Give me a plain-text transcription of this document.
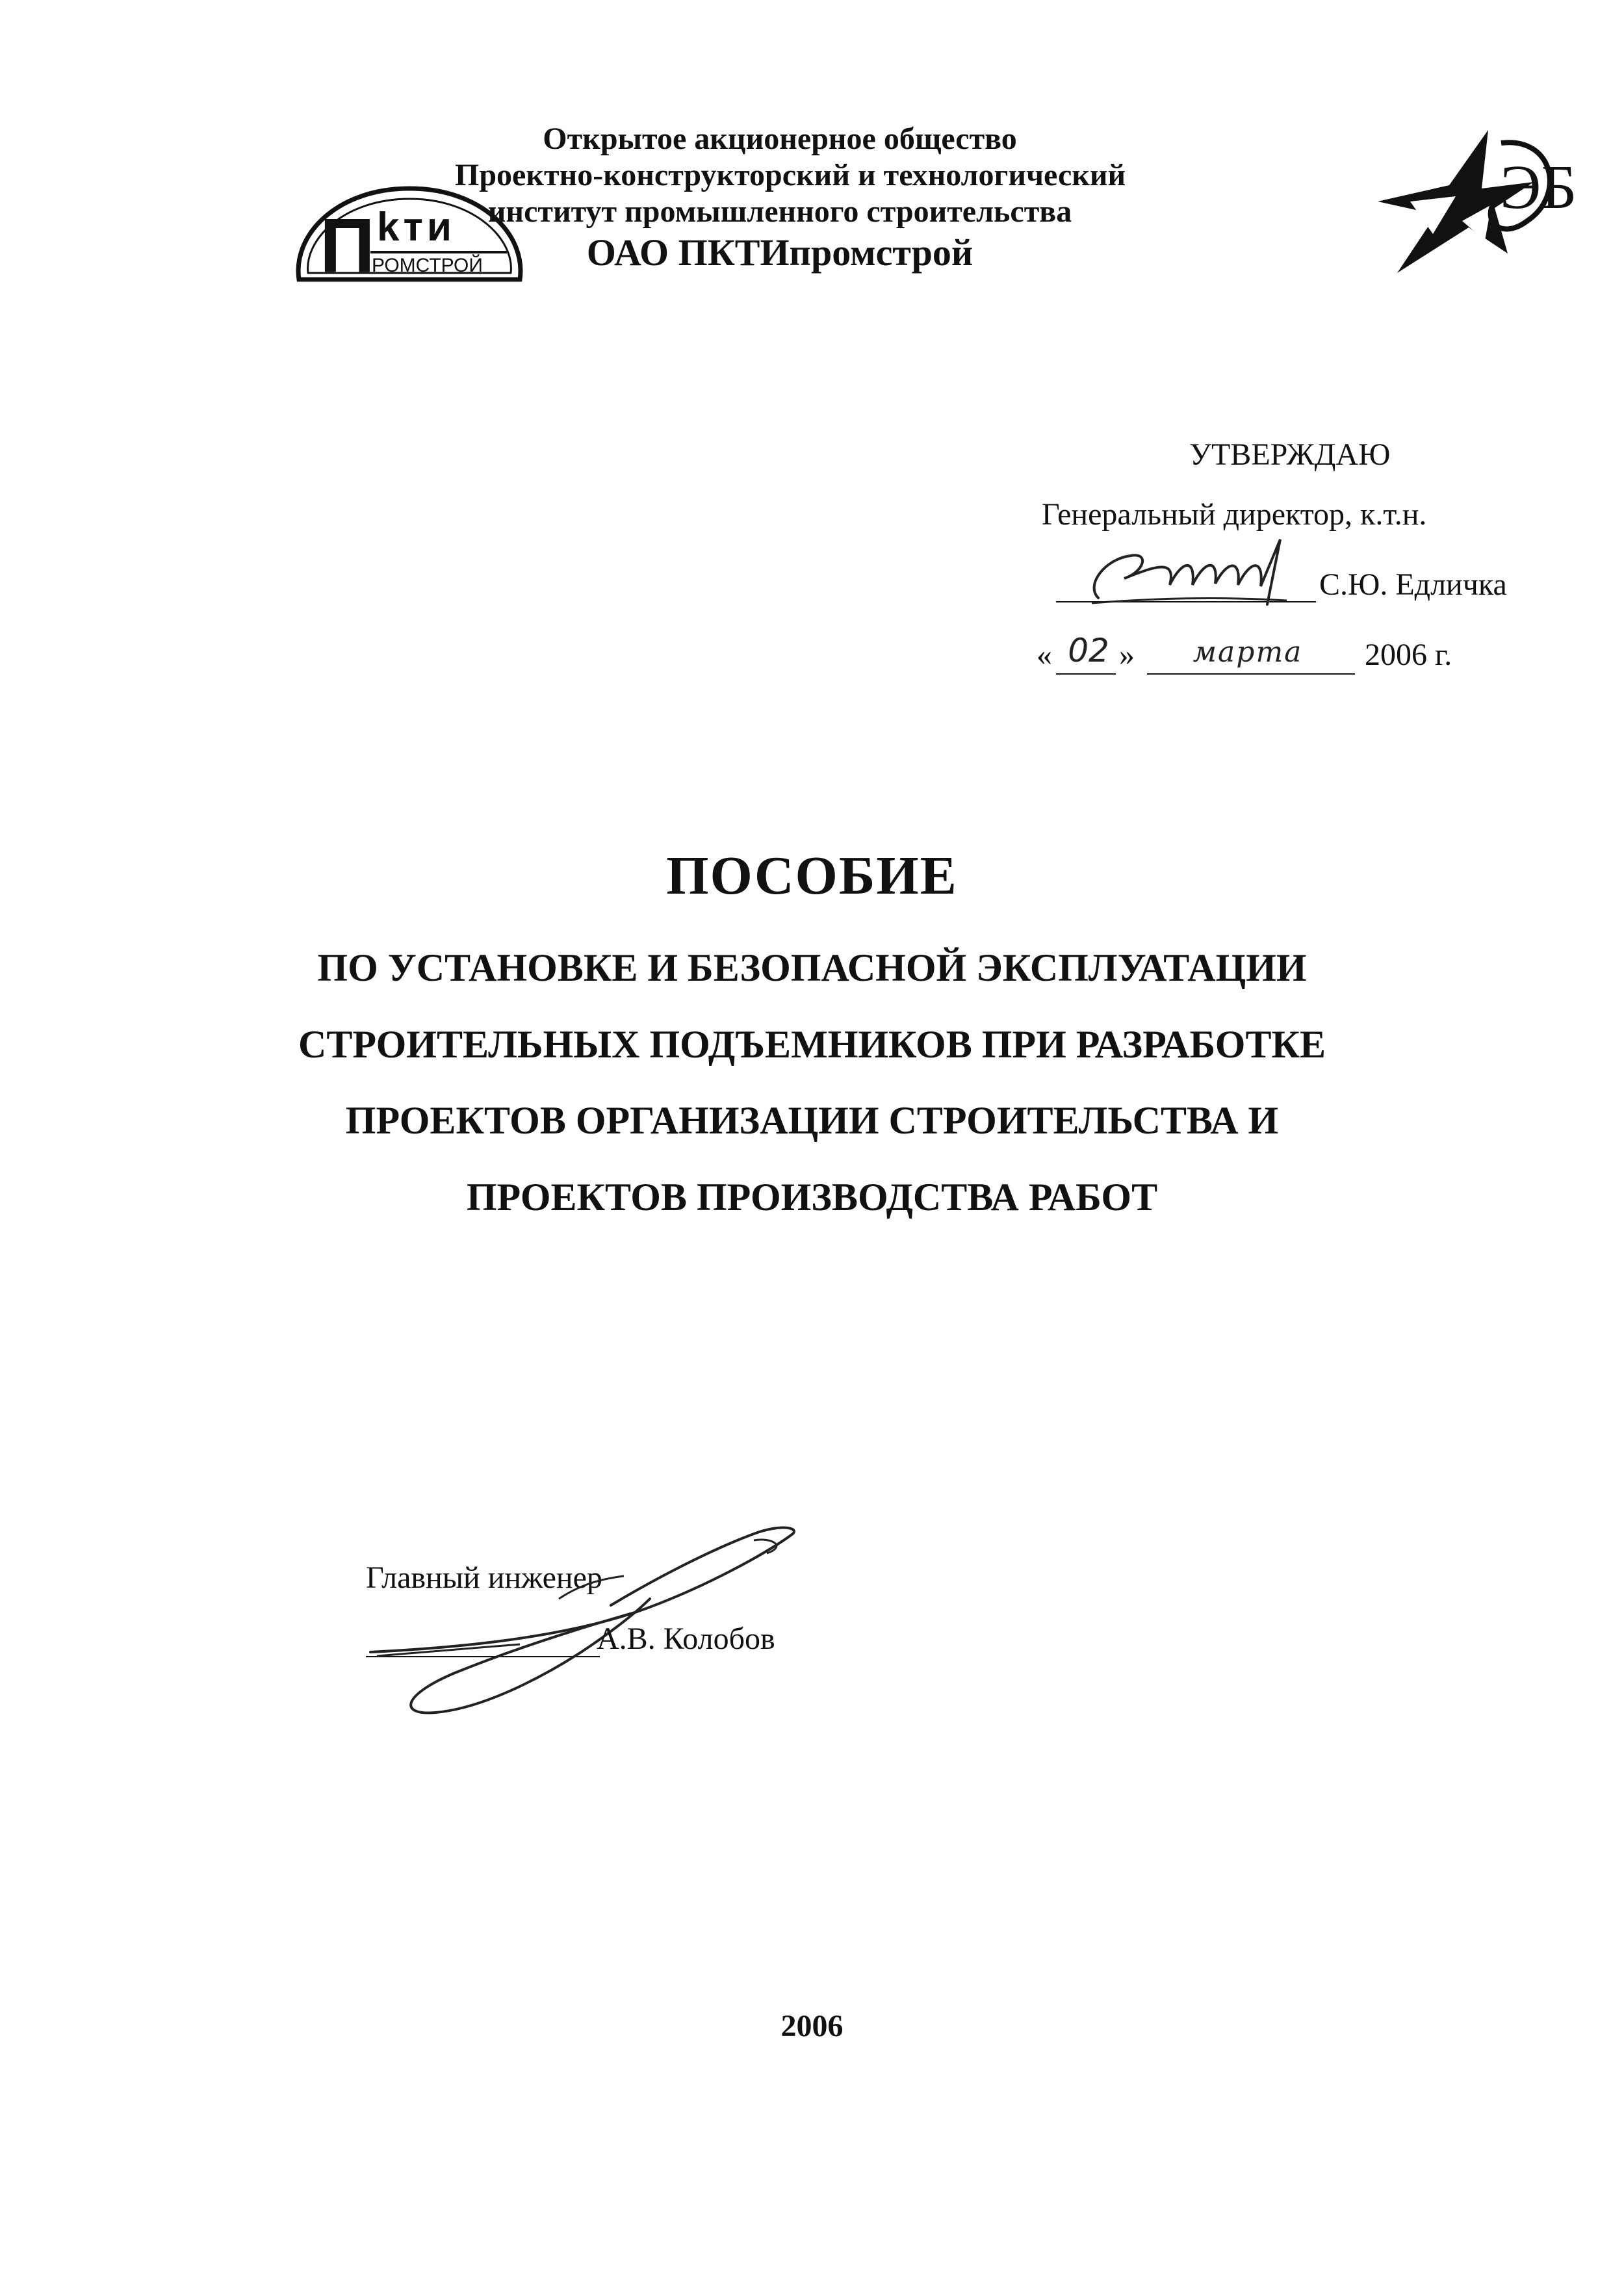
Открытое акционерное общество
Проектно-конструкторский и технологический
институт промышленного строительства
ОАО ПКТИпромстрой
П kти
РОМСТРОЙ
ЭБ
УТВЕРЖДАЮ
Генеральный директор, к.т.н.
С.Ю. Едличка
« 02 »	марта	2006 г.
ПОСОБИЕ
ПО УСТАНОВКЕ И БЕЗОПАСНОЙ ЭКСПЛУАТАЦИИ
СТРОИТЕЛЬНЫХ ПОДЪЕМНИКОВ ПРИ РАЗРАБОТКЕ
ПРОЕКТОВ ОРГАНИЗАЦИИ СТРОИТЕЛЬСТВА И
ПРОЕКТОВ ПРОИЗВОДСТВА РАБОТ
Главный инженер
А.В. Колобов
2006
